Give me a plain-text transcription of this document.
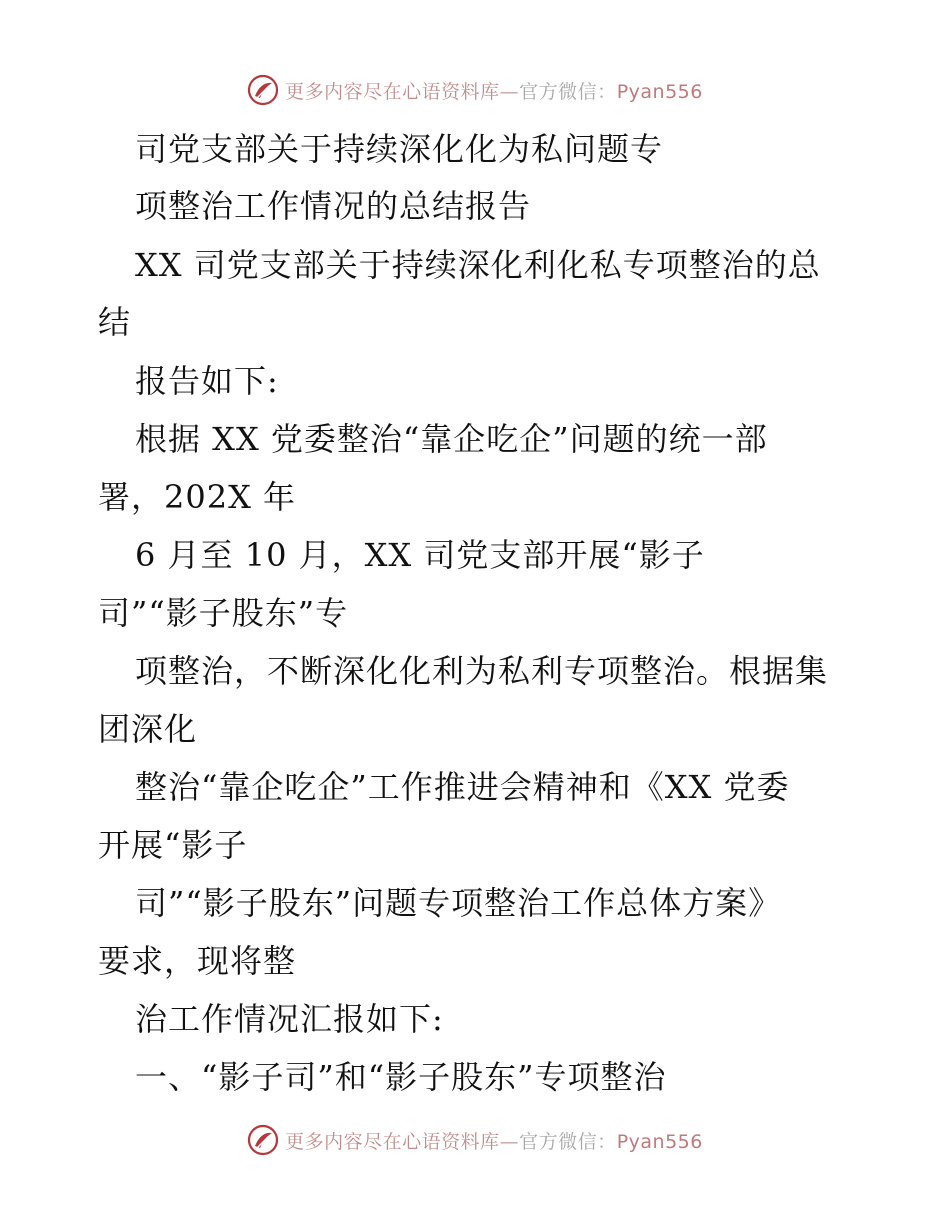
更多内容尽在心语资料库—官方微信：Pyan556
司党支部关于持续深化化为私问题专
项整治工作情况的总结报告
XX 司党支部关于持续深化利化私专项整治的总
结
报告如下:
根据 XX 党委整治“靠企吃企”问题的统一部
署，202X 年
6 月至 10 月，XX 司党支部开展“影子
司”“影子股东”专
项整治，不断深化化利为私利专项整治。根据集
团深化
整治“靠企吃企”工作推进会精神和《XX 党委
开展“影子
司”“影子股东”问题专项整治工作总体方案》
要求，现将整
治工作情况汇报如下:
一、“影子司”和“影子股东”专项整治
更多内容尽在心语资料库—官方微信：Pyan556
